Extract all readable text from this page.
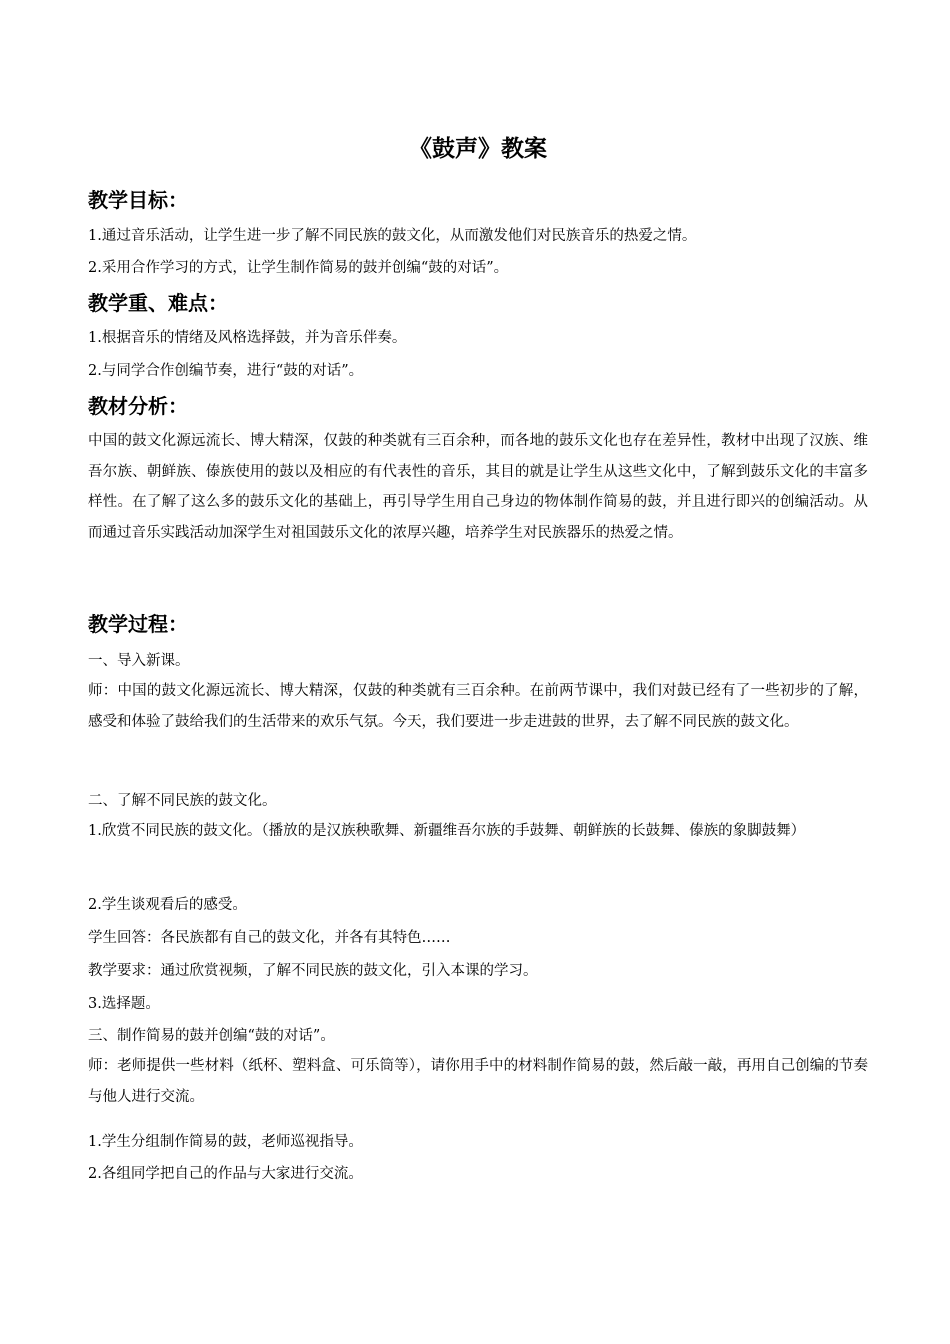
《鼓声》教案
教学目标：

1.通过音乐活动，让学生进一步了解不同民族的鼓文化，从而激发他们对民族音乐的热爱之情。

2.采用合作学习的方式，让学生制作简易的鼓并创编“鼓的对话”。

教学重、难点：

1.根据音乐的情绪及风格选择鼓，并为音乐伴奏。

2.与同学合作创编节奏，进行“鼓的对话”。

教材分析：

中国的鼓文化源远流长、博大精深，仅鼓的种类就有三百余种，而各地的鼓乐文化也存在差异性，教材中出现了汉族、维吾尔族、朝鲜族、傣族使用的鼓以及相应的有代表性的音乐，其目的就是让学生从这些文化中，了解到鼓乐文化的丰富多样性。在了解了这么多的鼓乐文化的基础上，再引导学生用自己身边的物体制作简易的鼓，并且进行即兴的创编活动。从而通过音乐实践活动加深学生对祖国鼓乐文化的浓厚兴趣，培养学生对民族器乐的热爱之情。

教学过程：

一、导入新课。

师：中国的鼓文化源远流长、博大精深，仅鼓的种类就有三百余种。在前两节课中，我们对鼓已经有了一些初步的了解，感受和体验了鼓给我们的生活带来的欢乐气氛。今天，我们要进一步走进鼓的世界，去了解不同民族的鼓文化。

二、了解不同民族的鼓文化。

1.欣赏不同民族的鼓文化。（播放的是汉族秧歌舞、新疆维吾尔族的手鼓舞、朝鲜族的长鼓舞、傣族的象脚鼓舞）

2.学生谈观看后的感受。

学生回答：各民族都有自己的鼓文化，并各有其特色……

教学要求：通过欣赏视频，了解不同民族的鼓文化，引入本课的学习。

3.选择题。

三、制作简易的鼓并创编“鼓的对话”。

师：老师提供一些材料（纸杯、塑料盒、可乐筒等），请你用手中的材料制作简易的鼓，然后敲一敲，再用自己创编的节奏与他人进行交流。

1.学生分组制作简易的鼓，老师巡视指导。

2.各组同学把自己的作品与大家进行交流。
